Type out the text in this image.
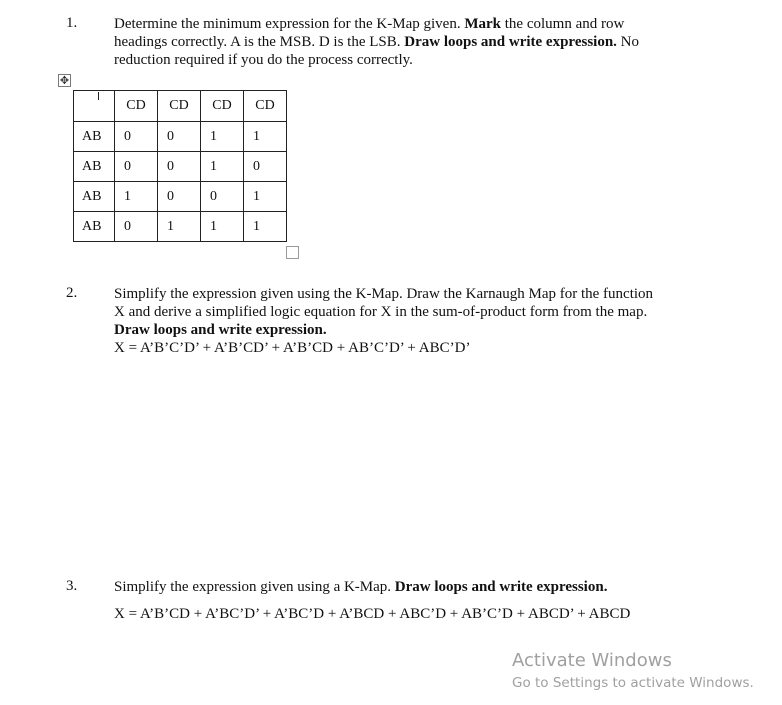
1. Determine the minimum expression for the K-Map given. Mark the column and row
headings correctly. A is the MSB. D is the LSB. Draw loops and write expression. No
reduction required if you do the process correctly.
✥
	CD	CD	CD	CD
AB	0	0	1	1
AB	0	0	1	0
AB	1	0	0	1
AB	0	1	1	1
2. Simplify the expression given using the K-Map. Draw the Karnaugh Map for the function
X and derive a simplified logic equation for X in the sum-of-product form from the map.
Draw loops and write expression.
X = A’B’C’D’ + A’B’CD’ + A’B’CD + AB’C’D’ + ABC’D’
3. Simplify the expression given using a K-Map. Draw loops and write expression.
X = A’B’CD + A’BC’D’ + A’BC’D + A’BCD + ABC’D + AB’C’D + ABCD’ + ABCD
Activate Windows
Go to Settings to activate Windows.
